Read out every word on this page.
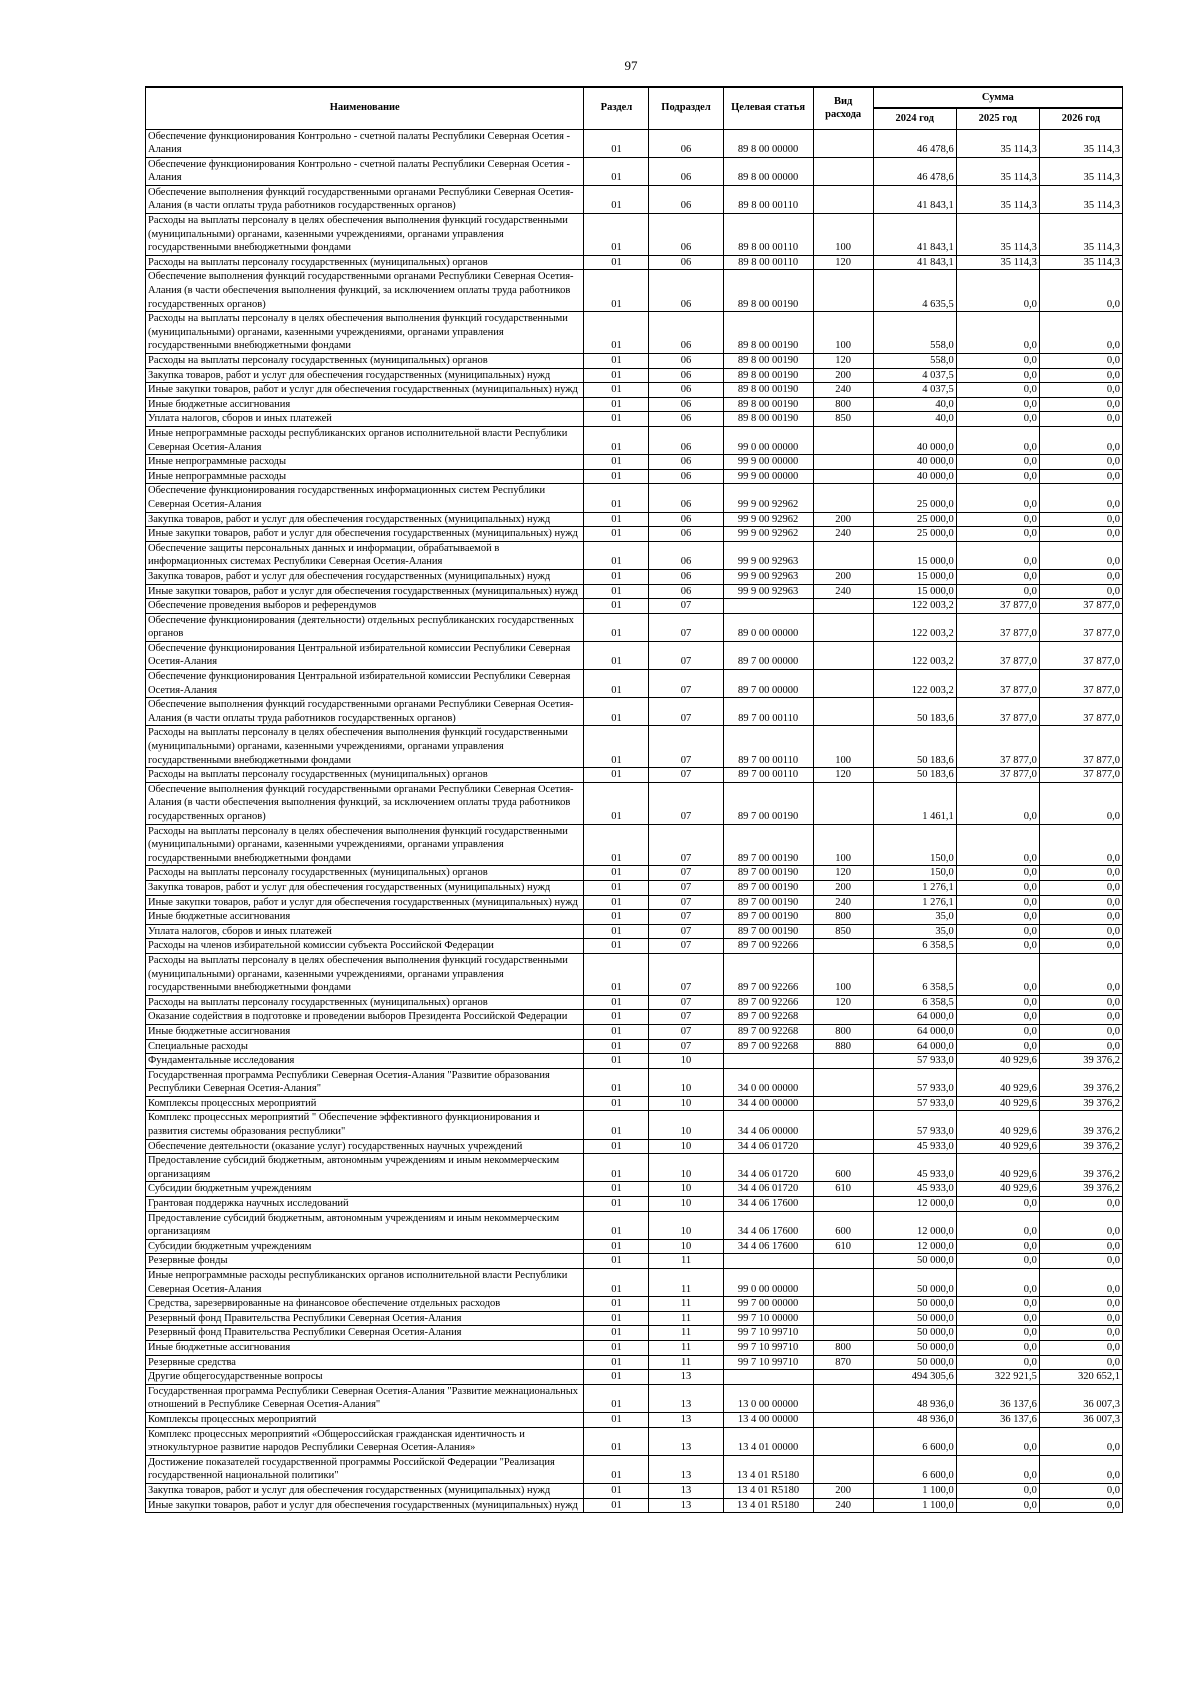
97
Наименование	Раздел	Подраздел	Целевая статья	Вид расхода	Сумма		
					2024 год	2025 год	2026 год
Обеспечение функционирования Контрольно - счетной палаты Республики Северная Осетия - Алания	01	06	89 8 00 00000		46 478,6	35 114,3	35 114,3
Обеспечение функционирования Контрольно - счетной палаты Республики Северная Осетия - Алания	01	06	89 8 00 00000		46 478,6	35 114,3	35 114,3
Обеспечение выполнения функций государственными органами Республики Северная Осетия-Алания (в части оплаты труда работников государственных органов)	01	06	89 8 00 00110		41 843,1	35 114,3	35 114,3
Расходы на выплаты персоналу в целях обеспечения выполнения функций государственными (муниципальными) органами, казенными учреждениями, органами управления государственными внебюджетными фондами	01	06	89 8 00 00110	100	41 843,1	35 114,3	35 114,3
Расходы на выплаты персоналу государственных (муниципальных) органов	01	06	89 8 00 00110	120	41 843,1	35 114,3	35 114,3
Обеспечение выполнения функций государственными органами Республики Северная Осетия-Алания (в части обеспечения выполнения функций, за исключением оплаты труда работников государственных органов)	01	06	89 8 00 00190		4 635,5	0,0	0,0
Расходы на выплаты персоналу в целях обеспечения выполнения функций государственными (муниципальными) органами, казенными учреждениями, органами управления государственными внебюджетными фондами	01	06	89 8 00 00190	100	558,0	0,0	0,0
Расходы на выплаты персоналу государственных (муниципальных) органов	01	06	89 8 00 00190	120	558,0	0,0	0,0
Закупка товаров, работ и услуг для обеспечения государственных (муниципальных) нужд	01	06	89 8 00 00190	200	4 037,5	0,0	0,0
Иные закупки товаров, работ и услуг для обеспечения государственных (муниципальных) нужд	01	06	89 8 00 00190	240	4 037,5	0,0	0,0
Иные бюджетные ассигнования	01	06	89 8 00 00190	800	40,0	0,0	0,0
Уплата налогов, сборов и иных платежей	01	06	89 8 00 00190	850	40,0	0,0	0,0
Иные непрограммные расходы республиканских органов исполнительной власти Республики Северная Осетия-Алания	01	06	99 0 00 00000		40 000,0	0,0	0,0
Иные непрограммные расходы	01	06	99 9 00 00000		40 000,0	0,0	0,0
Иные непрограммные расходы	01	06	99 9 00 00000		40 000,0	0,0	0,0
Обеспечение функционирования государственных информационных систем Республики Северная Осетия-Алания	01	06	99 9 00 92962		25 000,0	0,0	0,0
Закупка товаров, работ и услуг для обеспечения государственных (муниципальных) нужд	01	06	99 9 00 92962	200	25 000,0	0,0	0,0
Иные закупки товаров, работ и услуг для обеспечения государственных (муниципальных) нужд	01	06	99 9 00 92962	240	25 000,0	0,0	0,0
Обеспечение защиты персональных данных и информации, обрабатываемой в информационных системах Республики Северная Осетия-Алания	01	06	99 9 00 92963		15 000,0	0,0	0,0
Закупка товаров, работ и услуг для обеспечения государственных (муниципальных) нужд	01	06	99 9 00 92963	200	15 000,0	0,0	0,0
Иные закупки товаров, работ и услуг для обеспечения государственных (муниципальных) нужд	01	06	99 9 00 92963	240	15 000,0	0,0	0,0
Обеспечение проведения выборов и референдумов	01	07			122 003,2	37 877,0	37 877,0
Обеспечение функционирования (деятельности) отдельных республиканских государственных органов	01	07	89 0 00 00000		122 003,2	37 877,0	37 877,0
Обеспечение функционирования Центральной избирательной комиссии Республики Северная Осетия-Алания	01	07	89 7 00 00000		122 003,2	37 877,0	37 877,0
Обеспечение функционирования Центральной избирательной комиссии Республики Северная Осетия-Алания	01	07	89 7 00 00000		122 003,2	37 877,0	37 877,0
Обеспечение выполнения функций государственными органами Республики Северная Осетия-Алания (в части оплаты труда работников государственных органов)	01	07	89 7 00 00110		50 183,6	37 877,0	37 877,0
Расходы на выплаты персоналу в целях обеспечения выполнения функций государственными (муниципальными) органами, казенными учреждениями, органами управления государственными внебюджетными фондами	01	07	89 7 00 00110	100	50 183,6	37 877,0	37 877,0
Расходы на выплаты персоналу государственных (муниципальных) органов	01	07	89 7 00 00110	120	50 183,6	37 877,0	37 877,0
Обеспечение выполнения функций государственными органами Республики Северная Осетия-Алания (в части обеспечения выполнения функций, за исключением оплаты труда работников государственных органов)	01	07	89 7 00 00190		1 461,1	0,0	0,0
Расходы на выплаты персоналу в целях обеспечения выполнения функций государственными (муниципальными) органами, казенными учреждениями, органами управления государственными внебюджетными фондами	01	07	89 7 00 00190	100	150,0	0,0	0,0
Расходы на выплаты персоналу государственных (муниципальных) органов	01	07	89 7 00 00190	120	150,0	0,0	0,0
Закупка товаров, работ и услуг для обеспечения государственных (муниципальных) нужд	01	07	89 7 00 00190	200	1 276,1	0,0	0,0
Иные закупки товаров, работ и услуг для обеспечения государственных (муниципальных) нужд	01	07	89 7 00 00190	240	1 276,1	0,0	0,0
Иные бюджетные ассигнования	01	07	89 7 00 00190	800	35,0	0,0	0,0
Уплата налогов, сборов и иных платежей	01	07	89 7 00 00190	850	35,0	0,0	0,0
Расходы на членов избирательной комиссии субъекта Российской Федерации	01	07	89 7 00 92266		6 358,5	0,0	0,0
Расходы на выплаты персоналу в целях обеспечения выполнения функций государственными (муниципальными) органами, казенными учреждениями, органами управления государственными внебюджетными фондами	01	07	89 7 00 92266	100	6 358,5	0,0	0,0
Расходы на выплаты персоналу государственных (муниципальных) органов	01	07	89 7 00 92266	120	6 358,5	0,0	0,0
Оказание содействия в подготовке и проведении выборов Президента Российской Федерации	01	07	89 7 00 92268		64 000,0	0,0	0,0
Иные бюджетные ассигнования	01	07	89 7 00 92268	800	64 000,0	0,0	0,0
Специальные расходы	01	07	89 7 00 92268	880	64 000,0	0,0	0,0
Фундаментальные исследования	01	10			57 933,0	40 929,6	39 376,2
Государственная программа Республики Северная Осетия-Алания "Развитие образования Республики Северная Осетия-Алания"	01	10	34 0 00 00000		57 933,0	40 929,6	39 376,2
Комплексы процессных мероприятий	01	10	34 4 00 00000		57 933,0	40 929,6	39 376,2
Комплекс процессных мероприятий " Обеспечение эффективного функционирования и развития системы образования республики"	01	10	34 4 06 00000		57 933,0	40 929,6	39 376,2
Обеспечение деятельности (оказание услуг) государственных научных учреждений	01	10	34 4 06 01720		45 933,0	40 929,6	39 376,2
Предоставление субсидий бюджетным, автономным учреждениям и иным некоммерческим организациям	01	10	34 4 06 01720	600	45 933,0	40 929,6	39 376,2
Субсидии бюджетным учреждениям	01	10	34 4 06 01720	610	45 933,0	40 929,6	39 376,2
Грантовая поддержка научных исследований	01	10	34 4 06 17600		12 000,0	0,0	0,0
Предоставление субсидий бюджетным, автономным учреждениям и иным некоммерческим организациям	01	10	34 4 06 17600	600	12 000,0	0,0	0,0
Субсидии бюджетным учреждениям	01	10	34 4 06 17600	610	12 000,0	0,0	0,0
Резервные фонды	01	11			50 000,0	0,0	0,0
Иные непрограммные расходы республиканских органов исполнительной власти Республики Северная Осетия-Алания	01	11	99 0 00 00000		50 000,0	0,0	0,0
Средства, зарезервированные на финансовое обеспечение отдельных расходов	01	11	99 7 00 00000		50 000,0	0,0	0,0
Резервный фонд Правительства Республики Северная Осетия-Алания	01	11	99 7 10 00000		50 000,0	0,0	0,0
Резервный фонд Правительства Республики Северная Осетия-Алания	01	11	99 7 10 99710		50 000,0	0,0	0,0
Иные бюджетные ассигнования	01	11	99 7 10 99710	800	50 000,0	0,0	0,0
Резервные средства	01	11	99 7 10 99710	870	50 000,0	0,0	0,0
Другие общегосударственные вопросы	01	13			494 305,6	322 921,5	320 652,1
Государственная программа Республики Северная Осетия-Алания "Развитие межнациональных отношений в Республике Северная Осетия-Алания"	01	13	13 0 00 00000		48 936,0	36 137,6	36 007,3
Комплексы процессных мероприятий	01	13	13 4 00 00000		48 936,0	36 137,6	36 007,3
Комплекс процессных мероприятий «Общероссийская гражданская идентичность и этнокультурное развитие народов Республики Северная Осетия-Алания»	01	13	13 4 01 00000		6 600,0	0,0	0,0
Достижение показателей государственной программы Российской Федерации "Реализация государственной национальной политики"	01	13	13 4 01 R5180		6 600,0	0,0	0,0
Закупка товаров, работ и услуг для обеспечения государственных (муниципальных) нужд	01	13	13 4 01 R5180	200	1 100,0	0,0	0,0
Иные закупки товаров, работ и услуг для обеспечения государственных (муниципальных) нужд	01	13	13 4 01 R5180	240	1 100,0	0,0	0,0
